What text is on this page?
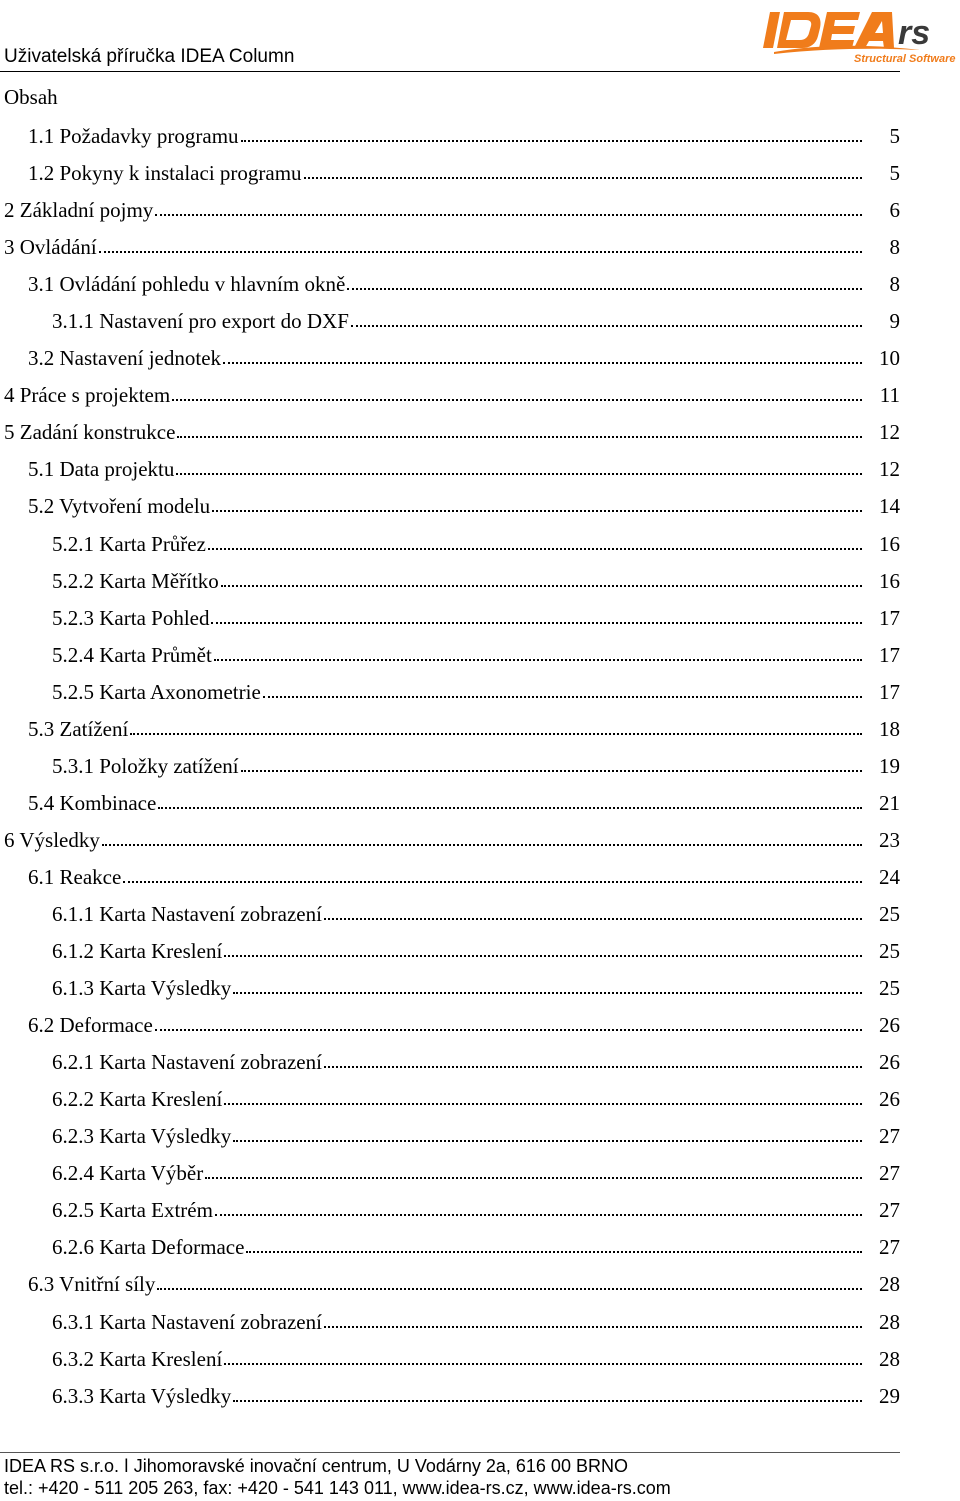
Uživatelská příručka IDEA Column
rs
Structural Software
Obsah
1.1 Požadavky programu	5
1.2 Pokyny k instalaci programu	5
2 Základní pojmy	6
3 Ovládání	8
3.1 Ovládání pohledu v hlavním okně	8
3.1.1 Nastavení pro export do DXF	9
3.2 Nastavení jednotek	10
4 Práce s projektem	11
5 Zadání konstrukce	12
5.1 Data projektu	12
5.2 Vytvoření modelu	14
5.2.1 Karta Průřez	16
5.2.2 Karta Měřítko	16
5.2.3 Karta Pohled	17
5.2.4 Karta Průmět	17
5.2.5 Karta Axonometrie	17
5.3 Zatížení	18
5.3.1 Položky zatížení	19
5.4 Kombinace	21
6 Výsledky	23
6.1 Reakce	24
6.1.1 Karta Nastavení zobrazení	25
6.1.2 Karta Kreslení	25
6.1.3 Karta Výsledky	25
6.2 Deformace	26
6.2.1 Karta Nastavení zobrazení	26
6.2.2 Karta Kreslení	26
6.2.3 Karta Výsledky	27
6.2.4 Karta Výběr	27
6.2.5 Karta Extrém	27
6.2.6 Karta Deformace	27
6.3 Vnitřní síly	28
6.3.1 Karta Nastavení zobrazení	28
6.3.2 Karta Kreslení	28
6.3.3 Karta Výsledky	29
IDEA RS s.r.o. ǀ Jihomoravské inovační centrum, U Vodárny 2a, 616 00 BRNO
tel.: +420 - 511 205 263, fax: +420 - 541 143 011, www.idea-rs.cz, www.idea-rs.com
